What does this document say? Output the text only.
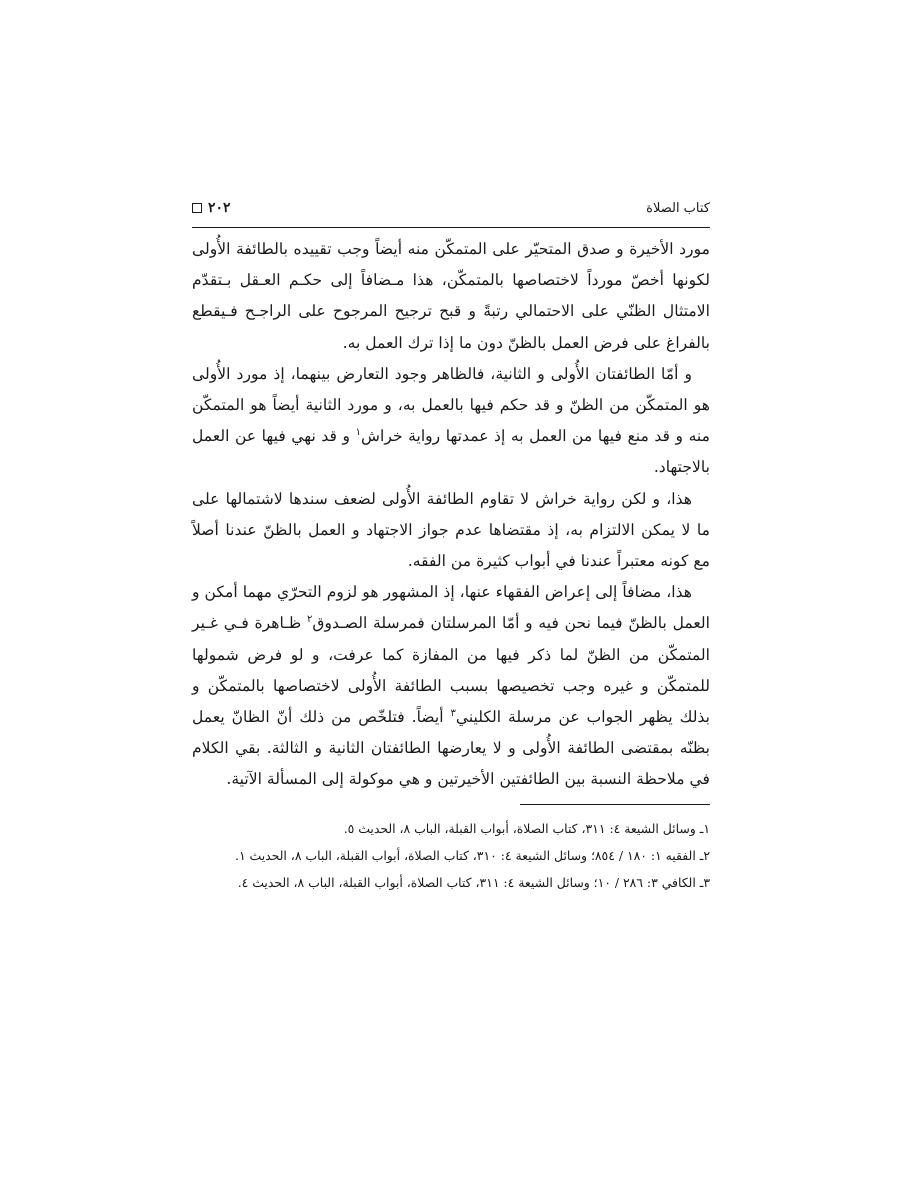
كتاب الصلاة
٢٠٢

مورد الأخيرة و صدق المتحيّر على المتمكّن منه أيضاً وجب تقييده بالطائفة الأُولى لكونها أخصّ مورداً لاختصاصها بالمتمكّن، هذا مـضافاً إلى حكـم العـقل بـتقدّم الامتثال الظنّي على الاحتمالي رتبةً و قبح ترجيح المرجوح على الراجـح فـيقطع بالفراغ على فرض العمل بالظنّ دون ما إذا ترك العمل به.

و أمّا الطائفتان الأُولى و الثانية، فالظاهر وجود التعارض بينهما، إذ مورد الأُولى هو المتمكّن من الظنّ و قد حكم فيها بالعمل به، و مورد الثانية أيضاً هو المتمكّن منه و قد منع فيها من العمل به إذ عمدتها رواية خراش$^١$ و قد نهي فيها عن العمل بالاجتهاد.

هذا، و لكن رواية خراش لا تقاوم الطائفة الأُولى لضعف سندها لاشتمالها على ما لا يمكن الالتزام به، إذ مقتضاها عدم جواز الاجتهاد و العمل بالظنّ عندنا أصلاً مع كونه معتبراً عندنا في أبواب كثيرة من الفقه.

هذا، مضافاً إلى إعراض الفقهاء عنها، إذ المشهور هو لزوم التحرّي مهما أمكن و العمل بالظنّ فيما نحن فيه و أمّا المرسلتان فمرسلة الصـدوق$^٢$ ظـاهرة فـي غـير المتمكّن من الظنّ لما ذكر فيها من المفازة كما عرفت، و لو فرض شمولها للمتمكّن و غيره وجب تخصيصها بسبب الطائفة الأُولى لاختصاصها بالمتمكّن و بذلك يظهر الجواب عن مرسلة الكليني$^٣$ أيضاً. فتلخّص من ذلك أنّ الظانّ يعمل بظنّه بمقتضى الطائفة الأُولى و لا يعارضها الطائفتان الثانية و الثالثة. بقي الكلام في ملاحظة النسبة بين الطائفتين الأخيرتين و هي موكولة إلى المسألة الآتية.

١ـ وسائل الشيعة ٤: ٣١١، كتاب الصلاة، أبواب القبلة، الباب ٨، الحديث ٥.

٢ـ الفقيه ١: ١٨٠ / ٨٥٤؛ وسائل الشيعة ٤: ٣١٠، كتاب الصلاة، أبواب القبلة، الباب ٨، الحديث ١.

٣ـ الكافي ٣: ٢٨٦ / ١٠؛ وسائل الشيعة ٤: ٣١١، كتاب الصلاة، أبواب القبلة، الباب ٨، الحديث ٤.
